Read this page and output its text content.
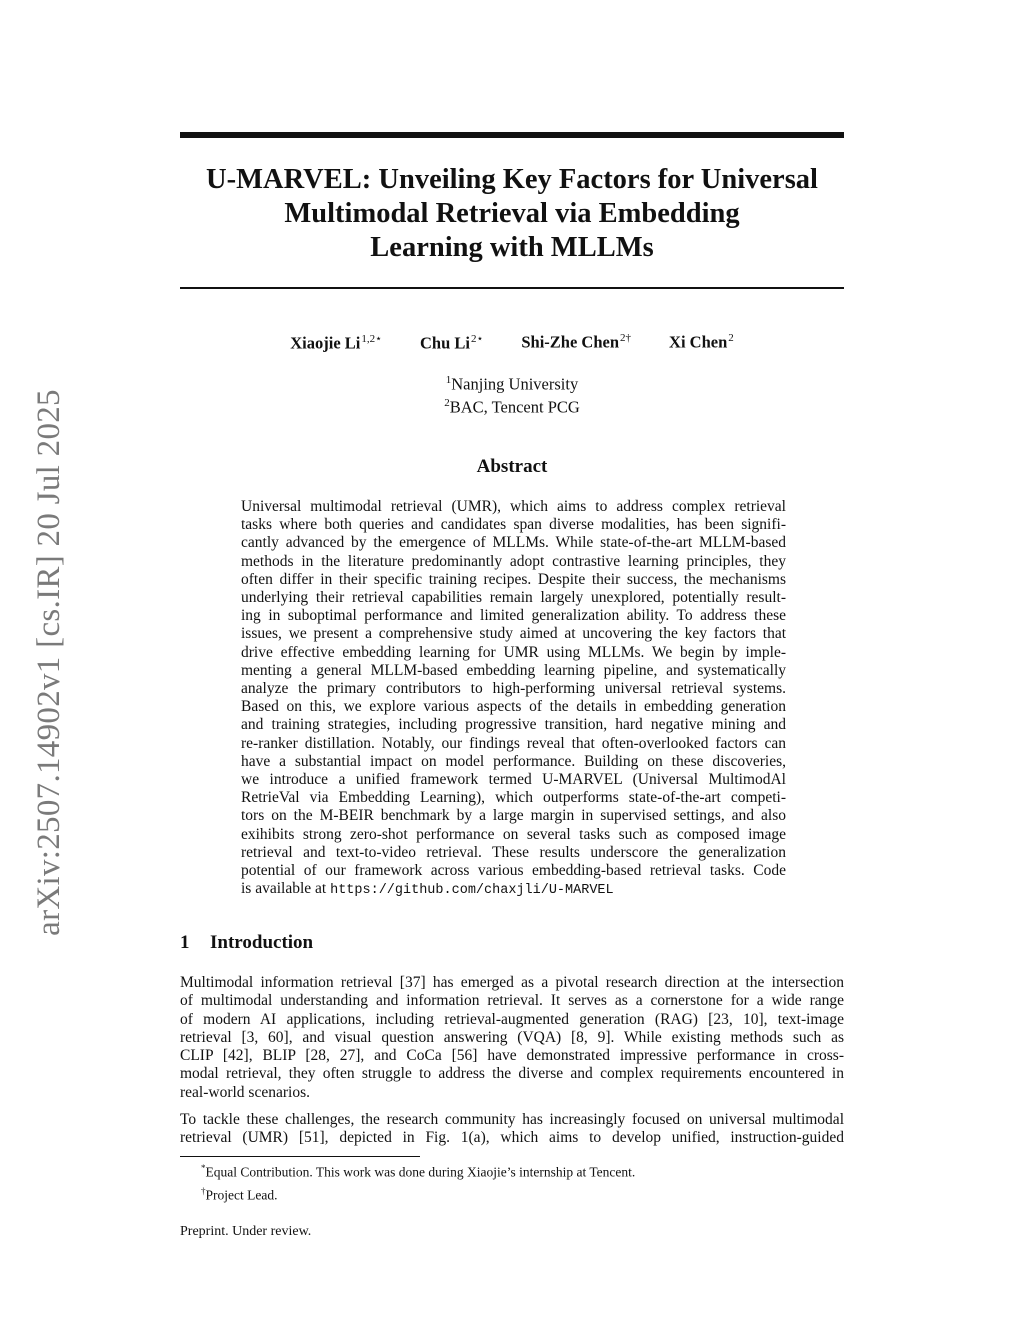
arXiv:2507.14902v1 [cs.IR] 20 Jul 2025
U-MARVEL: Unveiling Key Factors for Universal
Multimodal Retrieval via Embedding
Learning with MLLMs
Xiaojie $Li^{1,2⋆}$ Chu $Li^{2⋆}$ Shi-Zhe Chen$^{2\dagger}$ Xi Chen$^2$
$^1$Nanjing University
$^2$BAC, Tencent PCG
Abstract
Universal multimodal retrieval (UMR), which aims to address complex retrieval
tasks where both queries and candidates span diverse modalities, has been signifi-
cantly advanced by the emergence of MLLMs. While state-of-the-art MLLM-based
methods in the literature predominantly adopt contrastive learning principles, they
often differ in their specific training recipes. Despite their success, the mechanisms
underlying their retrieval capabilities remain largely unexplored, potentially result-
ing in suboptimal performance and limited generalization ability. To address these
issues, we present a comprehensive study aimed at uncovering the key factors that
drive effective embedding learning for UMR using MLLMs. We begin by imple-
menting a general MLLM-based embedding learning pipeline, and systematically
analyze the primary contributors to high-performing universal retrieval systems.
Based on this, we explore various aspects of the details in embedding generation
and training strategies, including progressive transition, hard negative mining and
re-ranker distillation. Notably, our findings reveal that often-overlooked factors can
have a substantial impact on model performance. Building on these discoveries,
we introduce a unified framework termed U-MARVEL (Universal MultimodAl
RetrieVal via Embedding Learning), which outperforms state-of-the-art competi-
tors on the M-BEIR benchmark by a large margin in supervised settings, and also
exihibits strong zero-shot performance on several tasks such as composed image
retrieval and text-to-video retrieval. These results underscore the generalization
potential of our framework across various embedding-based retrieval tasks. Code
is available at https://github.com/chaxjli/U-MARVEL
1 Introduction
Multimodal information retrieval [37] has emerged as a pivotal research direction at the intersection
of multimodal understanding and information retrieval. It serves as a cornerstone for a wide range
of modern AI applications, including retrieval-augmented generation (RAG) [23, 10], text-image
retrieval [3, 60], and visual question answering (VQA) [8, 9]. While existing methods such as
CLIP [42], BLIP [28, 27], and CoCa [56] have demonstrated impressive performance in cross-
modal retrieval, they often struggle to address the diverse and complex requirements encountered in
real-world scenarios.
To tackle these challenges, the research community has increasingly focused on universal multimodal
retrieval (UMR) [51], depicted in Fig. 1(a), which aims to develop unified, instruction-guided
*Equal Contribution. This work was done during Xiaojie’s internship at Tencent.
†Project Lead.
Preprint. Under review.
